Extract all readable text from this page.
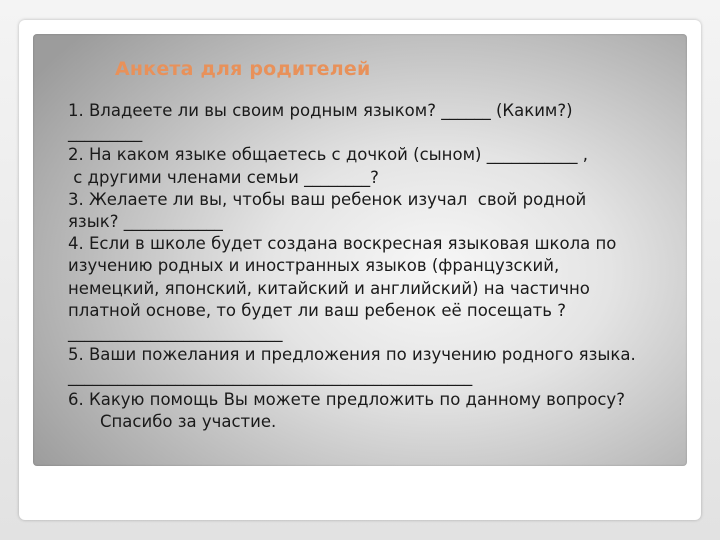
Анкета для родителей
1. Владеете ли вы своим родным языком? ______ (Каким?)
_________
2. На каком языке общаетесь с дочкой (сыном) ___________ ,
с другими членами семьи ________?
3. Желаете ли вы, чтобы ваш ребенок изучал  свой родной
язык? ____________
4. Если в школе будет создана воскресная языковая школа по
изучению родных и иностранных языков (французский,
немецкий, японский, китайский и английский) на частично
платной основе, то будет ли ваш ребенок её посещать ?
__________________________
5. Ваши пожелания и предложения по изучению родного языка.
_________________________________________________
6. Какую помощь Вы можете предложить по данному вопросу?
Спасибо за участие.
